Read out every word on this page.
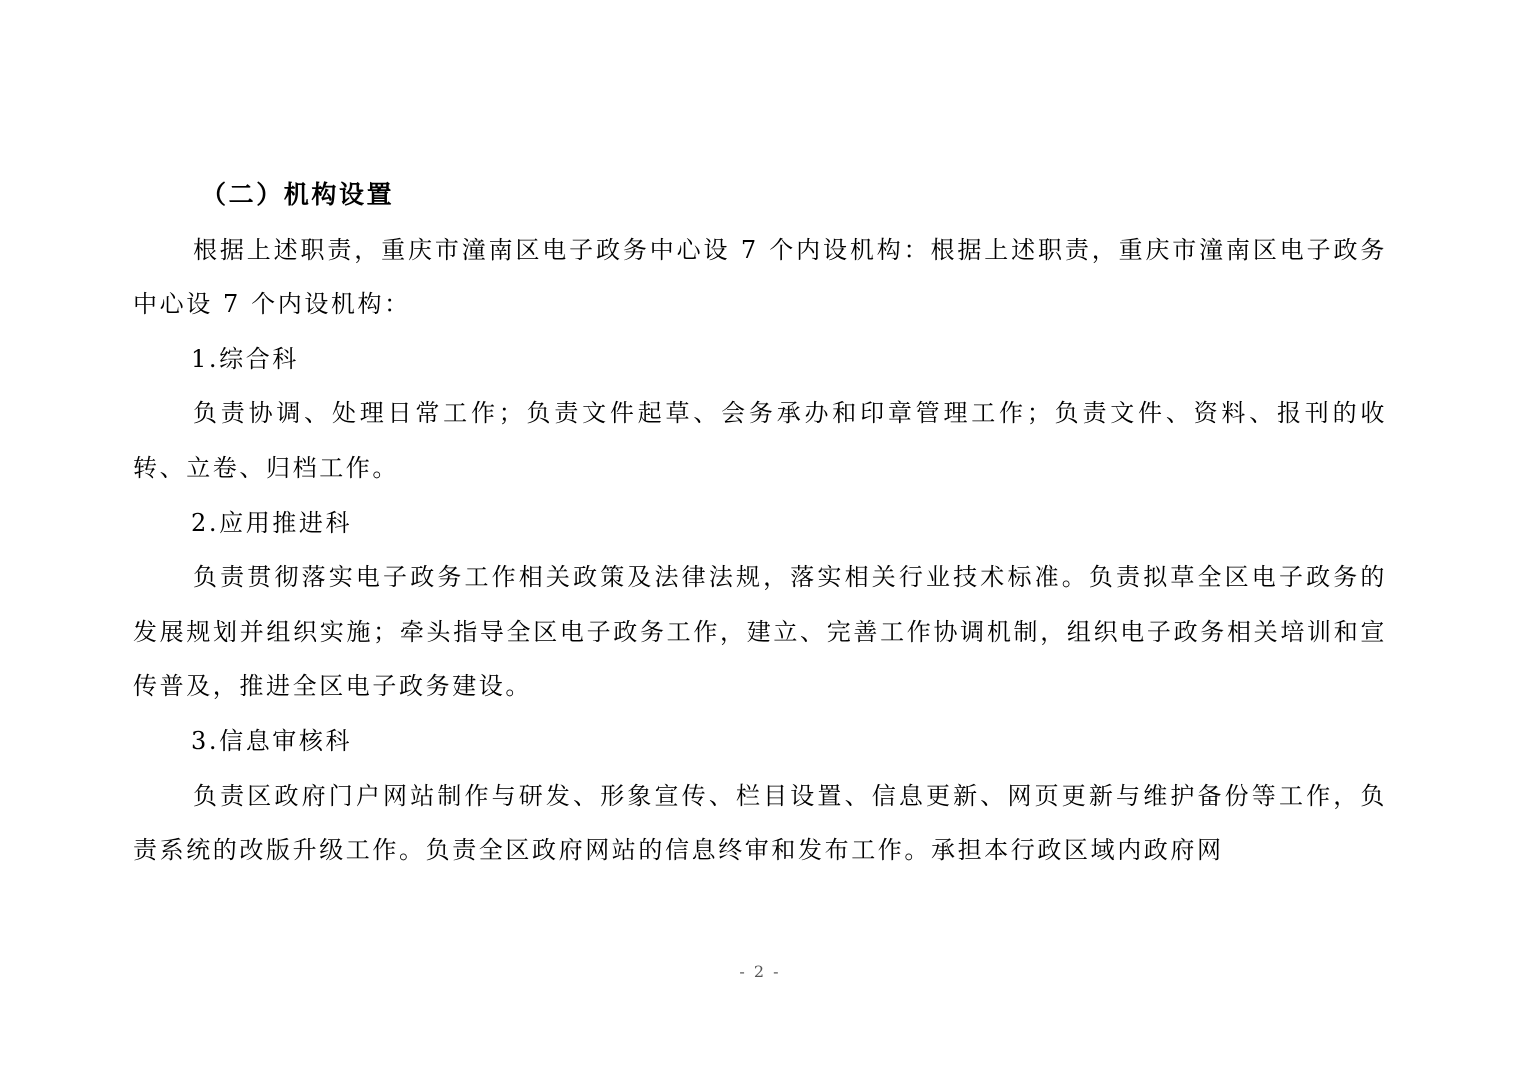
（二）机构设置

根据上述职责，重庆市潼南区电子政务中心设 7 个内设机构：根据上述职责，重庆市潼南区电子政务中心设 7 个内设机构：

1.综合科

负责协调、处理日常工作；负责文件起草、会务承办和印章管理工作；负责文件、资料、报刊的收转、立卷、归档工作。

2.应用推进科

负责贯彻落实电子政务工作相关政策及法律法规，落实相关行业技术标准。负责拟草全区电子政务的发展规划并组织实施；牵头指导全区电子政务工作，建立、完善工作协调机制，组织电子政务相关培训和宣传普及，推进全区电子政务建设。

3.信息审核科

负责区政府门户网站制作与研发、形象宣传、栏目设置、信息更新、网页更新与维护备份等工作，负责系统的改版升级工作。负责全区政府网站的信息终审和发布工作。承担本行政区域内政府网

- 2 -
